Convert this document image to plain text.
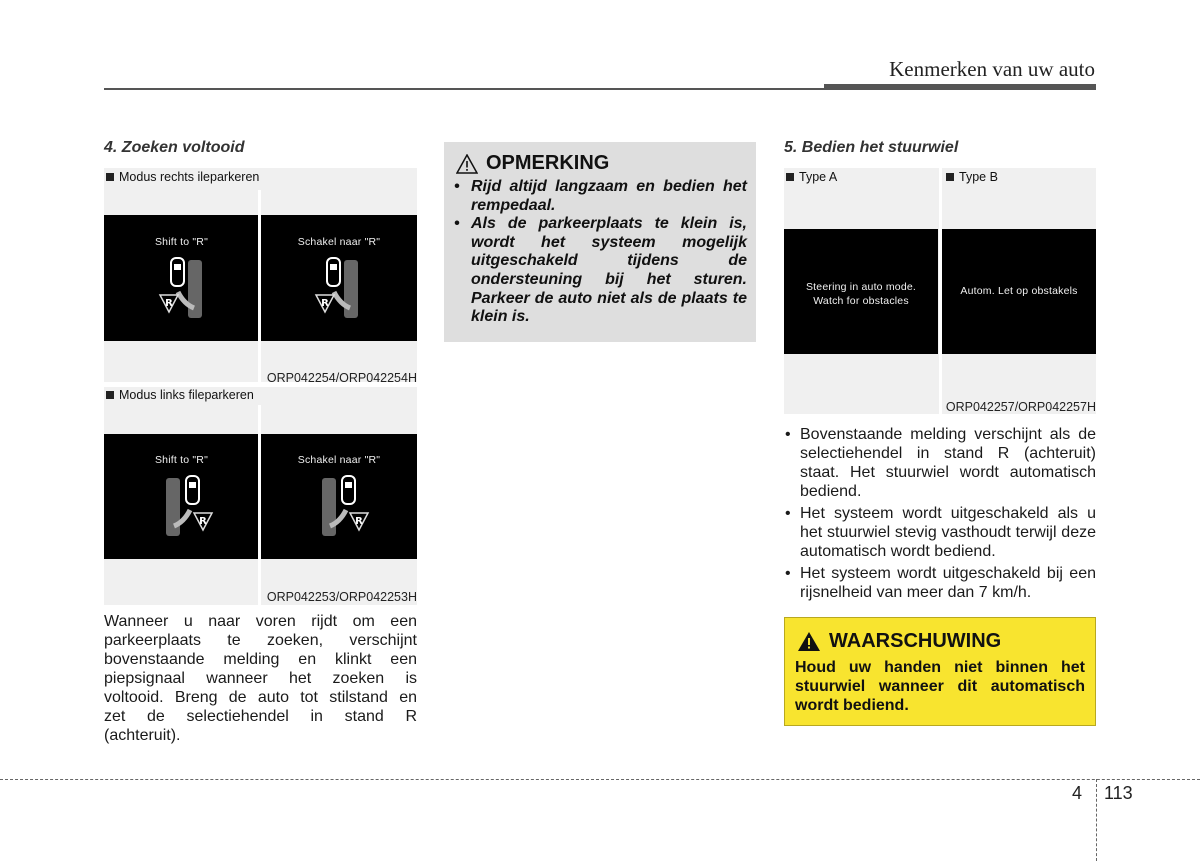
Kenmerken van uw auto
4. Zoeken voltooid
Modus rechts ileparkeren
Shift to "R"	Schakel naar "R"
R	R
ORP042254/ORP042254H
Modus links fileparkeren
Shift to "R"	Schakel naar "R"
R	R
ORP042253/ORP042253H
Wanneer u naar voren rijdt om een
parkeerplaats te zoeken, verschijnt
bovenstaande melding en klinkt een
piepsignaal wanneer het zoeken is
voltooid. Breng de auto tot stilstand en
zet de selectiehendel in stand R
(achteruit).
OPMERKING
• Rijd altijd langzaam en bedien het rempedaal.
• Als de parkeerplaats te klein is, wordt het systeem mogelijk uitgeschakeld tijdens de ondersteuning bij het sturen. Parkeer de auto niet als de plaats te klein is.
5. Bedien het stuurwiel
Type A	Type B
Steering in auto mode.
Watch for obstacles
Autom. Let op obstakels
ORP042257/ORP042257H
• Bovenstaande melding verschijnt als de selectiehendel in stand R (achteruit) staat. Het stuurwiel wordt automatisch bediend.
• Het systeem wordt uitgeschakeld als u het stuurwiel stevig vasthoudt terwijl deze automatisch wordt bediend.
• Het systeem wordt uitgeschakeld bij een rijsnelheid van meer dan 7 km/h.
WAARSCHUWING
Houd uw handen niet binnen het stuurwiel wanneer dit automatisch wordt bediend.
4 113
